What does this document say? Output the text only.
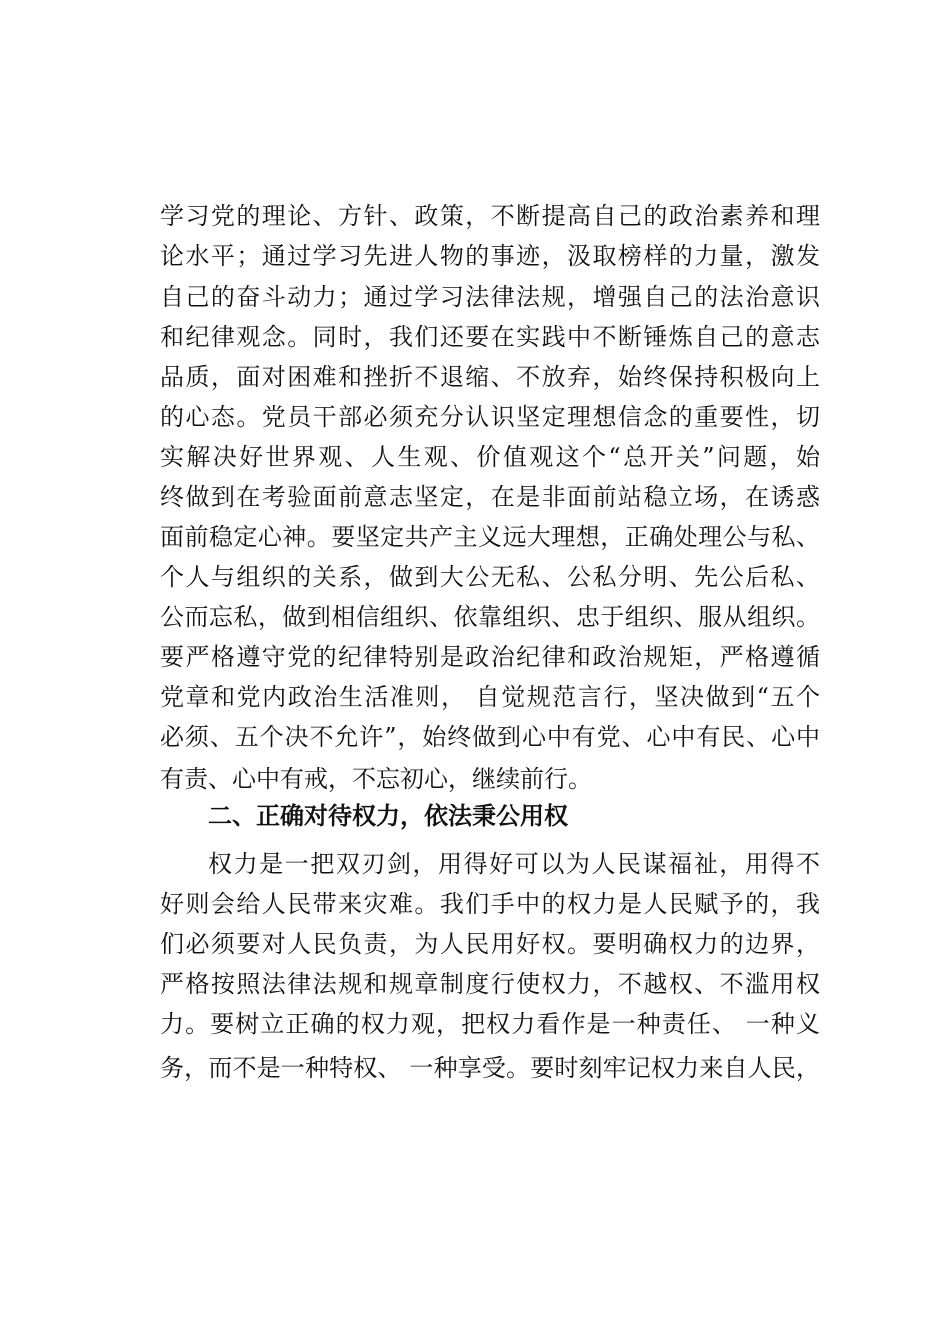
学习党的理论、方针、政策，不断提高自己的政治素养和理
论水平；通过学习先进人物的事迹，汲取榜样的力量，激发
自己的奋斗动力；通过学习法律法规，增强自己的法治意识
和纪律观念。同时，我们还要在实践中不断锤炼自己的意志
品质，面对困难和挫折不退缩、不放弃，始终保持积极向上
的心态。党员干部必须充分认识坚定理想信念的重要性，切
实解决好世界观、人生观、价值观这个“总开关”问题，始
终做到在考验面前意志坚定，在是非面前站稳立场，在诱惑
面前稳定心神。要坚定共产主义远大理想，正确处理公与私、
个人与组织的关系，做到大公无私、公私分明、先公后私、
公而忘私，做到相信组织、依靠组织、忠于组织、服从组织。
要严格遵守党的纪律特别是政治纪律和政治规矩，严格遵循
党章和党内政治生活准则， 自觉规范言行，坚决做到“五个
必须、五个决不允许”，始终做到心中有党、心中有民、心中
有责、心中有戒，不忘初心，继续前行。
二、正确对待权力，依法秉公用权
权力是一把双刃剑，用得好可以为人民谋福祉，用得不
好则会给人民带来灾难。我们手中的权力是人民赋予的，我
们必须要对人民负责，为人民用好权。要明确权力的边界，
严格按照法律法规和规章制度行使权力，不越权、不滥用权
力。要树立正确的权力观，把权力看作是一种责任、 一种义
务，而不是一种特权、 一种享受。要时刻牢记权力来自人民，
